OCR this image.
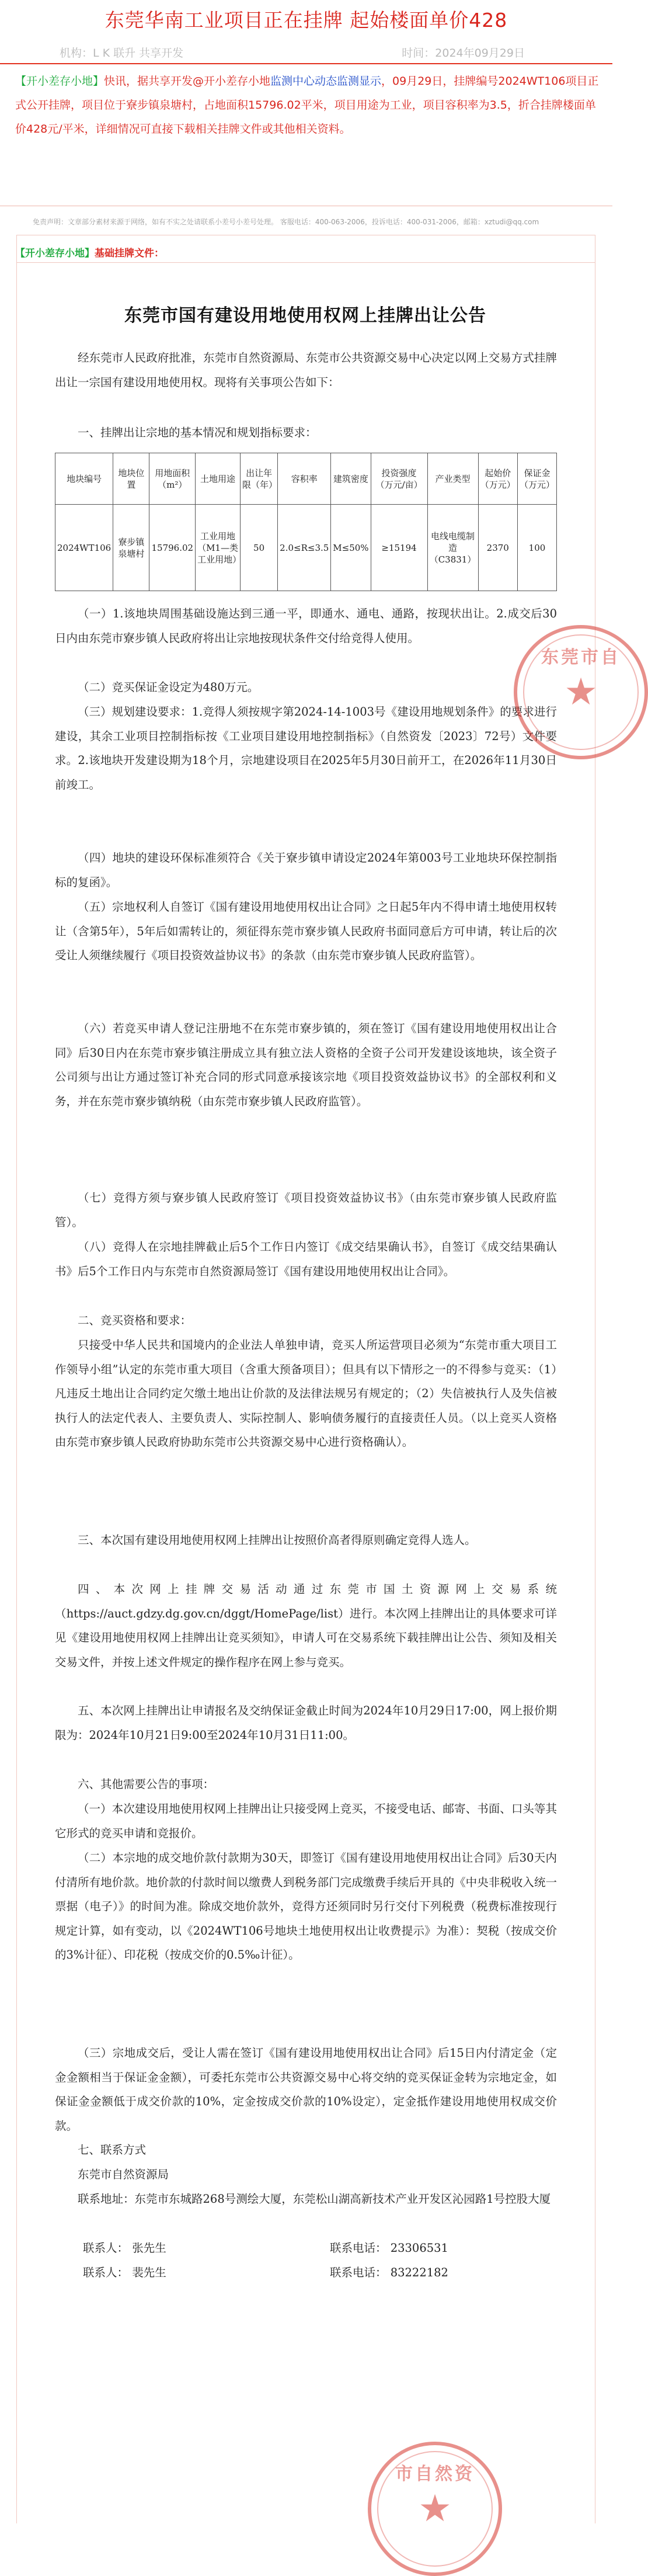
东莞华南工业项目正在挂牌 起始楼面单价428
机构：L K 联升 共享开发	时间：2024年09月29日
【开小差存小地】快讯，据共享开发@开小差存小地监测中心动态监测显示，09月29日，挂牌编号2024WT106项目正式公开挂牌，项目位于寮步镇泉塘村，占地面积15796.02平米，项目用途为工业，项目容积率为3.5，折合挂牌楼面单价428元/平米，详细情况可直接下载相关挂牌文件或其他相关资料。
免责声明：文章部分素材来源于网络，如有不实之处请联系小差号小差号处理。 客服电话：400-063-2006，投诉电话：400-031-2006，邮箱：xztudi@qq.com
【开小差存小地】基础挂牌文件：
东莞市国有建设用地使用权网上挂牌出让公告
经东莞市人民政府批准，东莞市自然资源局、东莞市公共资源交易中心决定以网上交易方式挂牌出让一宗国有建设用地使用权。现将有关事项公告如下：
一、挂牌出让宗地的基本情况和规划指标要求：
地块编号	地块位置	用地面积（m²）	土地用途	出让年限（年）	容积率	建筑密度	投资强度（万元/亩）	产业类型	起始价（万元）	保证金（万元）
2024WT106	寮步镇泉塘村	15796.02	工业用地（M1—类工业用地）	50	2.0≤R≤3.5	M≤50%	≥15194	电线电缆制造（C3831）	2370	100
（一）1.该地块周围基础设施达到三通一平，即通水、通电、通路，按现状出让。2.成交后30日内由东莞市寮步镇人民政府将出让宗地按现状条件交付给竞得人使用。
（二）竞买保证金设定为480万元。
（三）规划建设要求：1.竞得人须按规字第2024-14-1003号《建设用地规划条件》的要求进行建设，其余工业项目控制指标按《工业项目建设用地控制指标》（自然资发〔2023〕72号）文件要求。2.该地块开发建设期为18个月，宗地建设项目在2025年5月30日前开工，在2026年11月30日前竣工。
（四）地块的建设环保标准须符合《关于寮步镇申请设定2024年第003号工业地块环保控制指标的复函》。
（五）宗地权利人自签订《国有建设用地使用权出让合同》之日起5年内不得申请土地使用权转让（含第5年），5年后如需转让的，须征得东莞市寮步镇人民政府书面同意后方可申请，转让后的次受让人须继续履行《项目投资效益协议书》的条款（由东莞市寮步镇人民政府监管）。
（六）若竞买申请人登记注册地不在东莞市寮步镇的，须在签订《国有建设用地使用权出让合同》后30日内在东莞市寮步镇注册成立具有独立法人资格的全资子公司开发建设该地块，该全资子公司须与出让方通过签订补充合同的形式同意承接该宗地《项目投资效益协议书》的全部权利和义务，并在东莞市寮步镇纳税（由东莞市寮步镇人民政府监管）。
（七）竞得方须与寮步镇人民政府签订《项目投资效益协议书》（由东莞市寮步镇人民政府监管）。
（八）竞得人在宗地挂牌截止后5个工作日内签订《成交结果确认书》，自签订《成交结果确认书》后5个工作日内与东莞市自然资源局签订《国有建设用地使用权出让合同》。
二、竞买资格和要求：
只接受中华人民共和国境内的企业法人单独申请，竞买人所运营项目必须为“东莞市重大项目工作领导小组”认定的东莞市重大项目（含重大预备项目）；但具有以下情形之一的不得参与竞买：（1）凡违反土地出让合同约定欠缴土地出让价款的及法律法规另有规定的；（2）失信被执行人及失信被执行人的法定代表人、主要负责人、实际控制人、影响债务履行的直接责任人员。（以上竞买人资格由东莞市寮步镇人民政府协助东莞市公共资源交易中心进行资格确认）。
三、本次国有建设用地使用权网上挂牌出让按照价高者得原则确定竞得人选人。
四、本次网上挂牌交易活动通过东莞市国土资源网上交易系统（https://auct.gdzy.dg.gov.cn/dggt/HomePage/list）进行。本次网上挂牌出让的具体要求可详见《建设用地使用权网上挂牌出让竞买须知》，申请人可在交易系统下载挂牌出让公告、须知及相关交易文件，并按上述文件规定的操作程序在网上参与竞买。
五、本次网上挂牌出让申请报名及交纳保证金截止时间为2024年10月29日17:00，网上报价期限为：2024年10月21日9:00至2024年10月31日11:00。
六、其他需要公告的事项：
（一）本次建设用地使用权网上挂牌出让只接受网上竞买，不接受电话、邮寄、书面、口头等其它形式的竞买申请和竞报价。
（二）本宗地的成交地价款付款期为30天，即签订《国有建设用地使用权出让合同》后30天内付清所有地价款。地价款的付款时间以缴费人到税务部门完成缴费手续后开具的《中央非税收入统一票据（电子）》的时间为准。除成交地价款外，竞得方还须同时另行交付下列税费（税费标准按现行规定计算，如有变动，以《2024WT106号地块土地使用权出让收费提示》为准）：契税（按成交价的3%计征）、印花税（按成交价的0.5‰计征）。
（三）宗地成交后，受让人需在签订《国有建设用地使用权出让合同》后15日内付清定金（定金金额相当于保证金金额），可委托东莞市公共资源交易中心将交纳的竞买保证金转为宗地定金，如保证金金额低于成交价款的10%，定金按成交价款的10%设定），定金抵作建设用地使用权成交价款。
七、联系方式
东莞市自然资源局
联系地址：东莞市东城路268号测绘大厦，东莞松山湖高新技术产业开发区沁园路1号控股大厦
联系人： 张先生	联系电话： 23306531
联系人： 裴先生	联系电话： 83222182
东莞市自
★
市自然资
★
